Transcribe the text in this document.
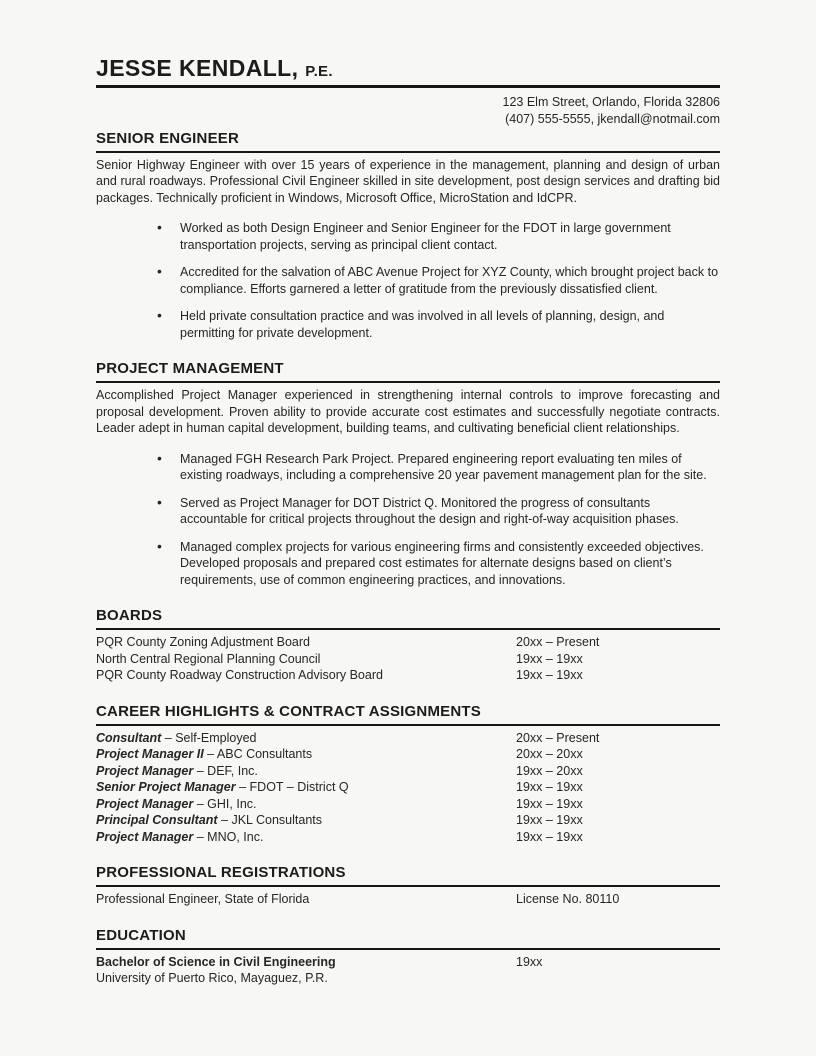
JESSE KENDALL, P.E.
123 Elm Street, Orlando, Florida 32806
(407) 555-5555, jkendall@notmail.com
SENIOR ENGINEER

Senior Highway Engineer with over 15 years of experience in the management, planning and design of urban and rural roadways. Professional Civil Engineer skilled in site development, post design services and drafting bid packages. Technically proficient in Windows, Microsoft Office, MicroStation and IdCPR.

• Worked as both Design Engineer and Senior Engineer for the FDOT in large government transportation projects, serving as principal client contact.
• Accredited for the salvation of ABC Avenue Project for XYZ County, which brought project back to compliance. Efforts garnered a letter of gratitude from the previously dissatisfied client.
• Held private consultation practice and was involved in all levels of planning, design, and permitting for private development.
PROJECT MANAGEMENT

Accomplished Project Manager experienced in strengthening internal controls to improve forecasting and proposal development. Proven ability to provide accurate cost estimates and successfully negotiate contracts. Leader adept in human capital development, building teams, and cultivating beneficial client relationships.

• Managed FGH Research Park Project. Prepared engineering report evaluating ten miles of existing roadways, including a comprehensive 20 year pavement management plan for the site.
• Served as Project Manager for DOT District Q. Monitored the progress of consultants accountable for critical projects throughout the design and right-of-way acquisition phases.
• Managed complex projects for various engineering firms and consistently exceeded objectives. Developed proposals and prepared cost estimates for alternate designs based on client’s requirements, use of common engineering practices, and innovations.
BOARDS
PQR County Zoning Adjustment Board	20xx – Present
North Central Regional Planning Council	19xx – 19xx
PQR County Roadway Construction Advisory Board	19xx – 19xx
CAREER HIGHLIGHTS & CONTRACT ASSIGNMENTS
Consultant – Self-Employed	20xx – Present
Project Manager II – ABC Consultants	20xx – 20xx
Project Manager – DEF, Inc.	19xx – 20xx
Senior Project Manager – FDOT – District Q	19xx – 19xx
Project Manager – GHI, Inc.	19xx – 19xx
Principal Consultant – JKL Consultants	19xx – 19xx
Project Manager – MNO, Inc.	19xx – 19xx
PROFESSIONAL REGISTRATIONS
Professional Engineer, State of Florida	License No. 80110
EDUCATION
Bachelor of Science in Civil Engineering	19xx
University of Puerto Rico, Mayaguez, P.R.
